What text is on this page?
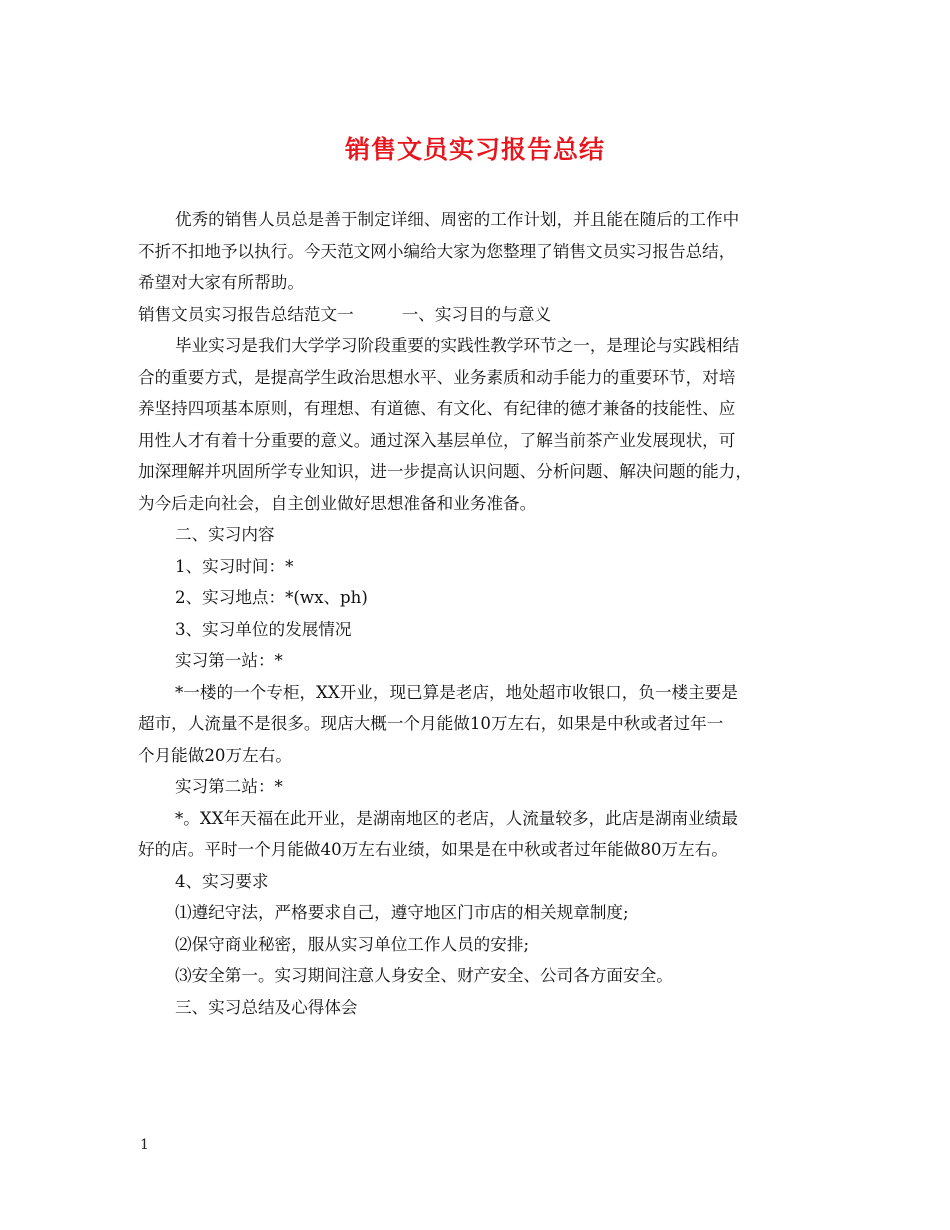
销售文员实习报告总结

优秀的销售人员总是善于制定详细、周密的工作计划，并且能在随后的工作中

不折不扣地予以执行。今天范文网小编给大家为您整理了销售文员实习报告总结，

希望对大家有所帮助。

销售文员实习报告总结范文一	一、实习目的与意义

毕业实习是我们大学学习阶段重要的实践性教学环节之一，是理论与实践相结

合的重要方式，是提高学生政治思想水平、业务素质和动手能力的重要环节，对培

养坚持四项基本原则，有理想、有道德、有文化、有纪律的德才兼备的技能性、应

用性人才有着十分重要的意义。通过深入基层单位，了解当前茶产业发展现状，可

加深理解并巩固所学专业知识，进一步提高认识问题、分析问题、解决问题的能力，

为今后走向社会，自主创业做好思想准备和业务准备。

二、实习内容

1、实习时间：*

2、实习地点：*(wx、ph)

3、实习单位的发展情况

实习第一站：*

*一楼的一个专柜，XX开业，现已算是老店，地处超市收银口，负一楼主要是

超市，人流量不是很多。现店大概一个月能做10万左右，如果是中秋或者过年一

个月能做20万左右。

实习第二站：*

*。XX年天福在此开业，是湖南地区的老店，人流量较多，此店是湖南业绩最

好的店。平时一个月能做40万左右业绩，如果是在中秋或者过年能做80万左右。

4、实习要求

⑴遵纪守法，严格要求自己，遵守地区门市店的相关规章制度;

⑵保守商业秘密，服从实习单位工作人员的安排;

⑶安全第一。实习期间注意人身安全、财产安全、公司各方面安全。

三、实习总结及心得体会

1
